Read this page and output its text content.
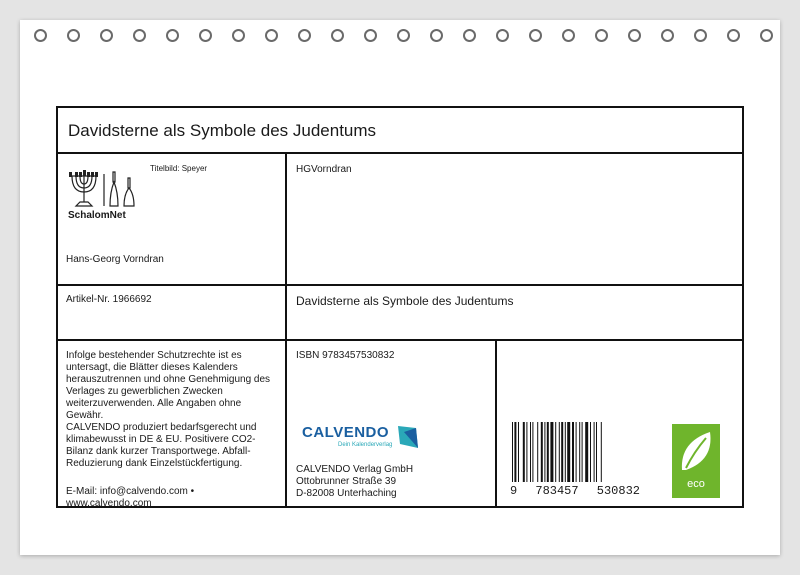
Davidsterne als Symbole des Judentums
SchalomNet
Titelbild: Speyer
Hans-Georg Vorndran
HGVorndran
Artikel-Nr. 1966692	Davidsterne als Symbole des Judentums
Infolge bestehender Schutzrechte ist es untersagt, die Blätter dieses Kalenders herauszutrennen und ohne Genehmigung des Verlages zu gewerblichen Zwecken weiterzuverwenden. Alle Angaben ohne Gewähr.
CALVENDO produziert bedarfsgerecht und klimabewusst in DE & EU. Positivere CO2-Bilanz dank kurzer Transportwege. Abfall-Reduzierung dank Einzelstückfertigung.
E-Mail: info@calvendo.com • www.calvendo.com
ISBN 9783457530832
CALVENDO
Dein Kalenderverlag
CALVENDO Verlag GmbH
Ottobrunner Straße 39
D-82008 Unterhaching	9 783457 530832	eco
